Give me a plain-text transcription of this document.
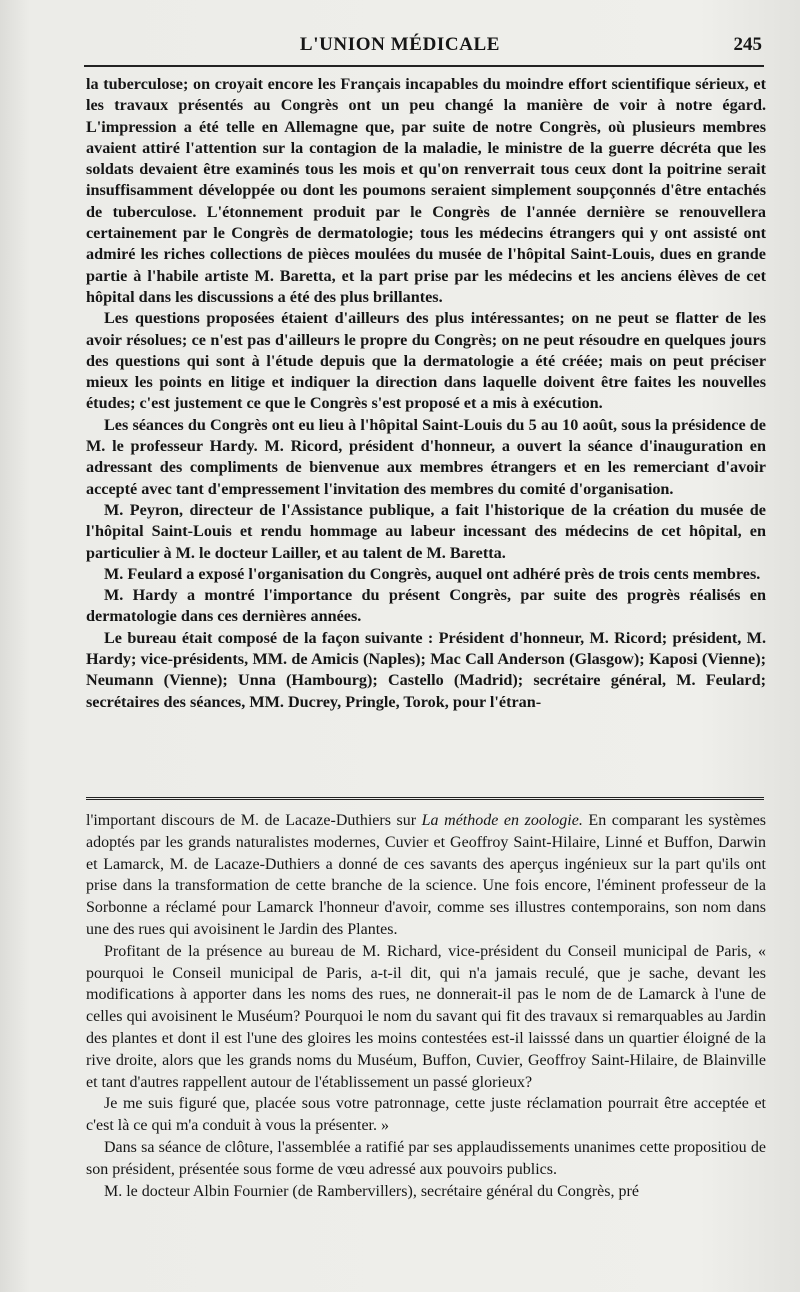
L'UNION MÉDICALE	245

la tuberculose; on croyait encore les Français incapables du moindre effort scientifique sérieux, et les travaux présentés au Congrès ont un peu changé la manière de voir à notre égard. L'impression a été telle en Allemagne que, par suite de notre Congrès, où plusieurs membres avaient attiré l'attention sur la contagion de la maladie, le ministre de la guerre décréta que les soldats devaient être examinés tous les mois et qu'on renverrait tous ceux dont la poitrine serait insuffisamment développée ou dont les poumons seraient simplement soupçonnés d'être entachés de tuberculose. L'étonnement produit par le Congrès de l'année dernière se renouvellera certainement par le Congrès de dermatologie; tous les médecins étrangers qui y ont assisté ont admiré les riches collections de pièces moulées du musée de l'hôpital Saint-Louis, dues en grande partie à l'habile artiste M. Baretta, et la part prise par les médecins et les anciens élèves de cet hôpital dans les discussions a été des plus brillantes.

Les questions proposées étaient d'ailleurs des plus intéressantes; on ne peut se flatter de les avoir résolues; ce n'est pas d'ailleurs le propre du Congrès; on ne peut résoudre en quelques jours des questions qui sont à l'étude depuis que la dermatologie a été créée; mais on peut préciser mieux les points en litige et indiquer la direction dans laquelle doivent être faites les nouvelles études; c'est justement ce que le Congrès s'est proposé et a mis à exécution.

Les séances du Congrès ont eu lieu à l'hôpital Saint-Louis du 5 au 10 août, sous la présidence de M. le professeur Hardy. M. Ricord, président d'honneur, a ouvert la séance d'inauguration en adressant des compliments de bienvenue aux membres étrangers et en les remerciant d'avoir accepté avec tant d'empressement l'invitation des membres du comité d'organisation.

M. Peyron, directeur de l'Assistance publique, a fait l'historique de la création du musée de l'hôpital Saint-Louis et rendu hommage au labeur incessant des médecins de cet hôpital, en particulier à M. le docteur Lailler, et au talent de M. Baretta.

M. Feulard a exposé l'organisation du Congrès, auquel ont adhéré près de trois cents membres.

M. Hardy a montré l'importance du présent Congrès, par suite des progrès réalisés en dermatologie dans ces dernières années.

Le bureau était composé de la façon suivante : Président d'honneur, M. Ricord; président, M. Hardy; vice-présidents, MM. de Amicis (Naples); Mac Call Anderson (Glasgow); Kaposi (Vienne); Neumann (Vienne); Unna (Hambourg); Castello (Madrid); secrétaire général, M. Feulard; secrétaires des séances, MM. Ducrey, Pringle, Torok, pour l'étran-

l'important discours de M. de Lacaze-Duthiers sur La méthode en zoologie. En comparant les systèmes adoptés par les grands naturalistes modernes, Cuvier et Geoffroy Saint-Hilaire, Linné et Buffon, Darwin et Lamarck, M. de Lacaze-Duthiers a donné de ces savants des aperçus ingénieux sur la part qu'ils ont prise dans la transformation de cette branche de la science. Une fois encore, l'éminent professeur de la Sorbonne a réclamé pour Lamarck l'honneur d'avoir, comme ses illustres contemporains, son nom dans une des rues qui avoisinent le Jardin des Plantes.

Profitant de la présence au bureau de M. Richard, vice-président du Conseil municipal de Paris, « pourquoi le Conseil municipal de Paris, a-t-il dit, qui n'a jamais reculé, que je sache, devant les modifications à apporter dans les noms des rues, ne donnerait-il pas le nom de de Lamarck à l'une de celles qui avoisinent le Muséum? Pourquoi le nom du savant qui fit des travaux si remarquables au Jardin des plantes et dont il est l'une des gloires les moins contestées est-il laisssé dans un quartier éloigné de la rive droite, alors que les grands noms du Muséum, Buffon, Cuvier, Geoffroy Saint-Hilaire, de Blainville et tant d'autres rappellent autour de l'établissement un passé glorieux?

Je me suis figuré que, placée sous votre patronnage, cette juste réclamation pourrait être acceptée et c'est là ce qui m'a conduit à vous la présenter. »

Dans sa séance de clôture, l'assemblée a ratifié par ses applaudissements unanimes cette propositiou de son président, présentée sous forme de vœu adressé aux pouvoirs publics.

M. le docteur Albin Fournier (de Rambervillers), secrétaire général du Congrès, pré
